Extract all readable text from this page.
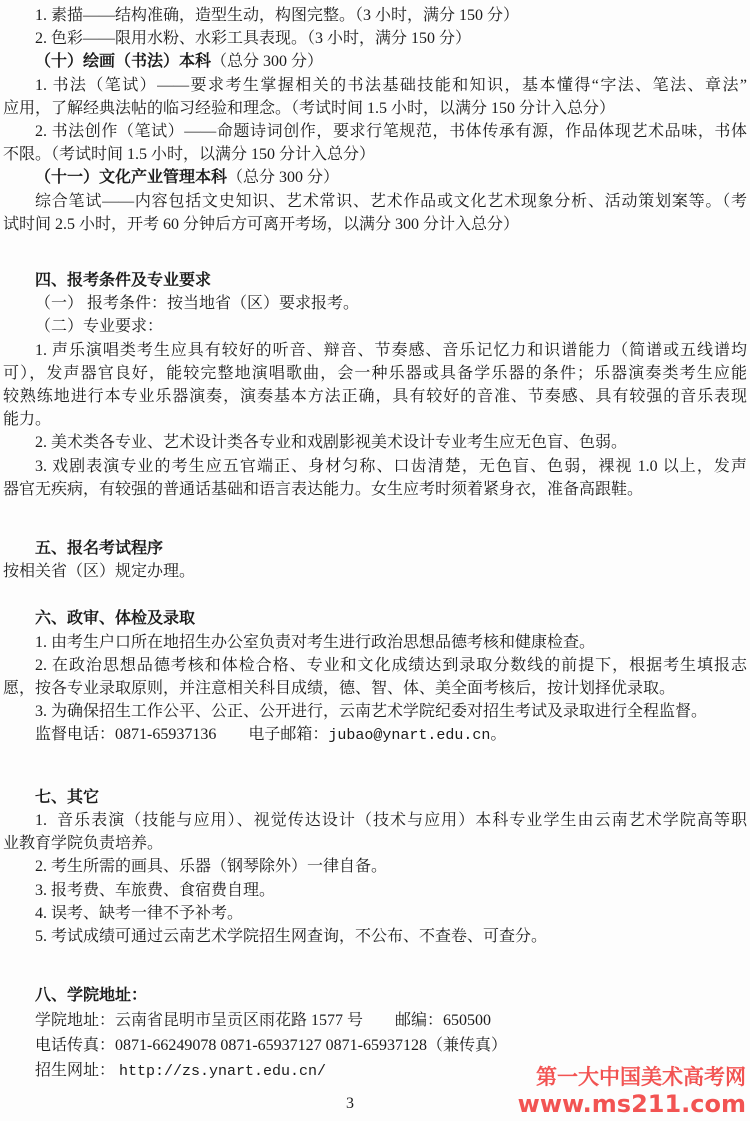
1. 素描——结构准确，造型生动，构图完整。（3 小时，满分 150 分）
2. 色彩——限用水粉、水彩工具表现。（3 小时，满分 150 分）
（十）绘画（书法）本科（总分 300 分）
1. 书法（笔试）——要求考生掌握相关的书法基础技能和知识，基本懂得“字法、笔法、章法”
应用，了解经典法帖的临习经验和理念。（考试时间 1.5 小时，以满分 150 分计入总分）
2. 书法创作（笔试）——命题诗词创作，要求行笔规范，书体传承有源，作品体现艺术品味，书体
不限。（考试时间 1.5 小时，以满分 150 分计入总分）
（十一）文化产业管理本科（总分 300 分）
综合笔试——内容包括文史知识、艺术常识、艺术作品或文化艺术现象分析、活动策划案等。（考
试时间 2.5 小时，开考 60 分钟后方可离开考场，以满分 300 分计入总分）
四、报考条件及专业要求
（一） 报考条件：按当地省（区）要求报考。
（二）专业要求：
1. 声乐演唱类考生应具有较好的听音、辩音、节奏感、音乐记忆力和识谱能力（简谱或五线谱均
可），发声器官良好，能较完整地演唱歌曲，会一种乐器或具备学乐器的条件；乐器演奏类考生应能
较熟练地进行本专业乐器演奏，演奏基本方法正确，具有较好的音准、节奏感、具有较强的音乐表现
能力。
2. 美术类各专业、艺术设计类各专业和戏剧影视美术设计专业考生应无色盲、色弱。
3. 戏剧表演专业的考生应五官端正、身材匀称、口齿清楚，无色盲、色弱，裸视 1.0 以上，发声
器官无疾病，有较强的普通话基础和语言表达能力。女生应考时须着紧身衣，准备高跟鞋。
五、报名考试程序
按相关省（区）规定办理。
六、政审、体检及录取
1. 由考生户口所在地招生办公室负责对考生进行政治思想品德考核和健康检查。
2. 在政治思想品德考核和体检合格、专业和文化成绩达到录取分数线的前提下，根据考生填报志
愿，按各专业录取原则，并注意相关科目成绩，德、智、体、美全面考核后，按计划择优录取。
3. 为确保招生工作公平、公正、公开进行，云南艺术学院纪委对招生考试及录取进行全程监督。
监督电话：0871-65937136　　电子邮箱：jubao@ynart.edu.cn。
七、其它
1.  音乐表演（技能与应用）、视觉传达设计（技术与应用）本科专业学生由云南艺术学院高等职
业教育学院负责培养。
2. 考生所需的画具、乐器（钢琴除外）一律自备。
3. 报考费、车旅费、食宿费自理。
4. 误考、缺考一律不予补考。
5. 考试成绩可通过云南艺术学院招生网查询，不公布、不查卷、可查分。
八、学院地址：
学院地址：云南省昆明市呈贡区雨花路 1577 号　　邮编：650500
电话传真：0871-66249078 0871-65937127 0871-65937128（兼传真）
招生网址： http://zs.ynart.edu.cn/
3
第一大中国美术高考网
www.ms211.com
